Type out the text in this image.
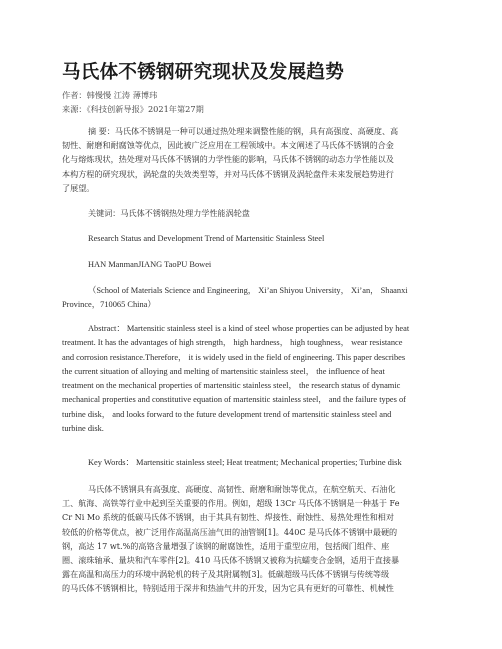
马氏体不锈钢研究现状及发展趋势
作者：韩慢慢 江涛 薄博玮
来源：《科技创新导报》2021年第27期
摘 要：马氏体不锈钢是一种可以通过热处理来调整性能的钢，具有高强度、高硬度、高
韧性、耐磨和耐腐蚀等优点，因此被广泛应用在工程领域中。本文阐述了马氏体不锈钢的合金
化与熔炼现状，热处理对马氏体不锈钢的力学性能的影响，马氏体不锈钢的动态力学性能以及
本构方程的研究现状，涡轮盘的失效类型等，并对马氏体不锈钢及涡轮盘件未来发展趋势进行
了展望。
关键词：马氏体不锈钢热处理力学性能涡轮盘
Research Status and Development Trend of Martensitic Stainless Steel
HAN ManmanJIANG TaoPU Bowei
（School of Materials Science and Engineering， Xi’an Shiyou University， Xi’an， Shaanxi
Province，710065 China）
Abstract： Martensitic stainless steel is a kind of steel whose properties can be adjusted by heat
treatment. It has the advantages of high strength， high hardness， high toughness， wear resistance
and corrosion resistance.Therefore， it is widely used in the field of engineering. This paper describes
the current situation of alloying and melting of martensitic stainless steel， the influence of heat
treatment on the mechanical properties of martensitic stainless steel， the research status of dynamic
mechanical properties and constitutive equation of martensitic stainless steel， and the failure types of
turbine disk， and looks forward to the future development trend of martensitic stainless steel and
turbine disk.
Key Words： Martensitic stainless steel; Heat treatment; Mechanical properties; Turbine disk
马氏体不锈钢具有高强度、高硬度、高韧性、耐磨和耐蚀等优点，在航空航天、石油化
工、航海、高铁等行业中起到至关重要的作用。例如，超级 13Cr 马氏体不锈钢是一种基于 Fe
Cr Ni Mo 系统的低碳马氏体不锈钢，由于其具有韧性、焊接性、耐蚀性、易热处理性和相对
较低的价格等优点，被广泛用作高温高压油气田的油管钢[1]。440C 是马氏体不锈钢中最硬的
钢，高达 17 wt.%的高铬含量增强了该钢的耐腐蚀性，适用于重型应用，包括阀门组件、座
圈、滚珠轴承、量块和汽车零件[2]。410 马氏体不锈钢又被称为抗蠕变合金钢，适用于直接暴
露在高温和高压力的环境中涡轮机的转子及其附属物[3]。低碳超级马氏体不锈钢与传统等级
的马氏体不锈钢相比，特别适用于深井和热油气井的开发，因为它具有更好的可靠性、机械性
